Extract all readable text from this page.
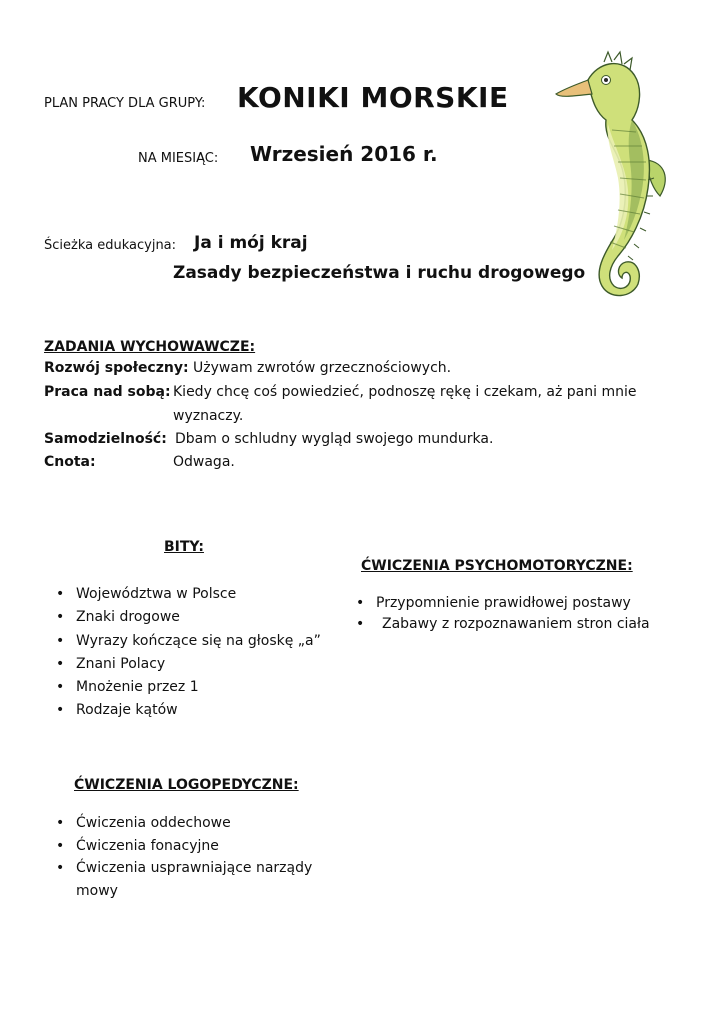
PLAN PRACY DLA GRUPY: KONIKI MORSKIE
NA MIESIĄC: Wrzesień 2016 r.
Ścieżka edukacyjna: Ja i mój kraj
Zasady bezpieczeństwa i ruchu drogowego
ZADANIA WYCHOWAWCZE:
Rozwój społeczny: Używam zwrotów grzecznościowych.
Praca nad sobą: Kiedy chcę coś powiedzieć, podnoszę rękę i czekam, aż pani mnie
wyznaczy.
Samodzielność: Dbam o schludny wygląd swojego mundurka.
Cnota:	Odwaga.
BITY:
• Województwa w Polsce
• Znaki drogowe
• Wyrazy kończące się na głoskę „a”
• Znani Polacy
• Mnożenie przez 1
• Rodzaje kątów
ĆWICZENIA PSYCHOMOTORYCZNE:
• Przypomnienie prawidłowej postawy
• Zabawy z rozpoznawaniem stron ciała
ĆWICZENIA LOGOPEDYCZNE:
• Ćwiczenia oddechowe
• Ćwiczenia fonacyjne
• Ćwiczenia usprawniające narządy
mowy
